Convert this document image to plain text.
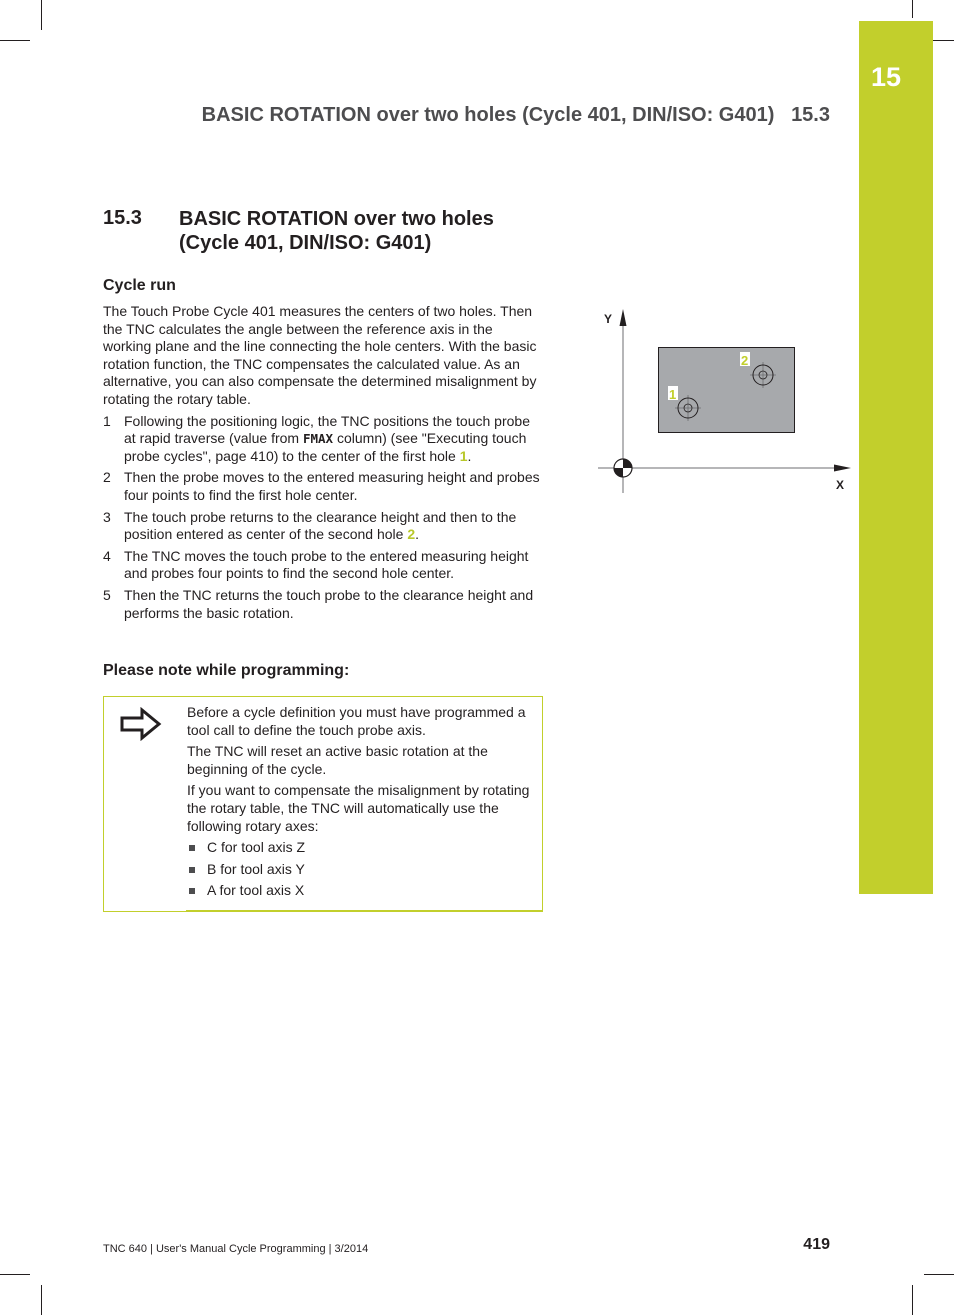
15
BASIC ROTATION over two holes (Cycle 401, DIN/ISO: G401) 15.3
15.3 BASIC ROTATION over two holes
(Cycle 401, DIN/ISO: G401)
Cycle run

The Touch Probe Cycle 401 measures the centers of two holes. Then the TNC calculates the angle between the reference axis in the working plane and the line connecting the hole centers. With the basic rotation function, the TNC compensates the calculated value. As an alternative, you can also compensate the determined misalignment by rotating the rotary table.

1 Following the positioning logic, the TNC positions the touch probe at rapid traverse (value from FMAX column) (see "Executing touch probe cycles", page 410) to the center of the first hole 1.
2 Then the probe moves to the entered measuring height and probes four points to find the first hole center.
3 The touch probe returns to the clearance height and then to the position entered as center of the second hole 2.
4 The TNC moves the touch probe to the entered measuring height and probes four points to find the second hole center.
5 Then the TNC returns the touch probe to the clearance height and performs the basic rotation.
Please note while programming:

Before a cycle definition you must have programmed a tool call to define the touch probe axis.

The TNC will reset an active basic rotation at the beginning of the cycle.

If you want to compensate the misalignment by rotating the rotary table, the TNC will automatically use the following rotary axes:

C for tool axis Z
B for tool axis Y
A for tool axis X
Y
X
1
2
TNC 640 | User's Manual Cycle Programming | 3/2014	419
